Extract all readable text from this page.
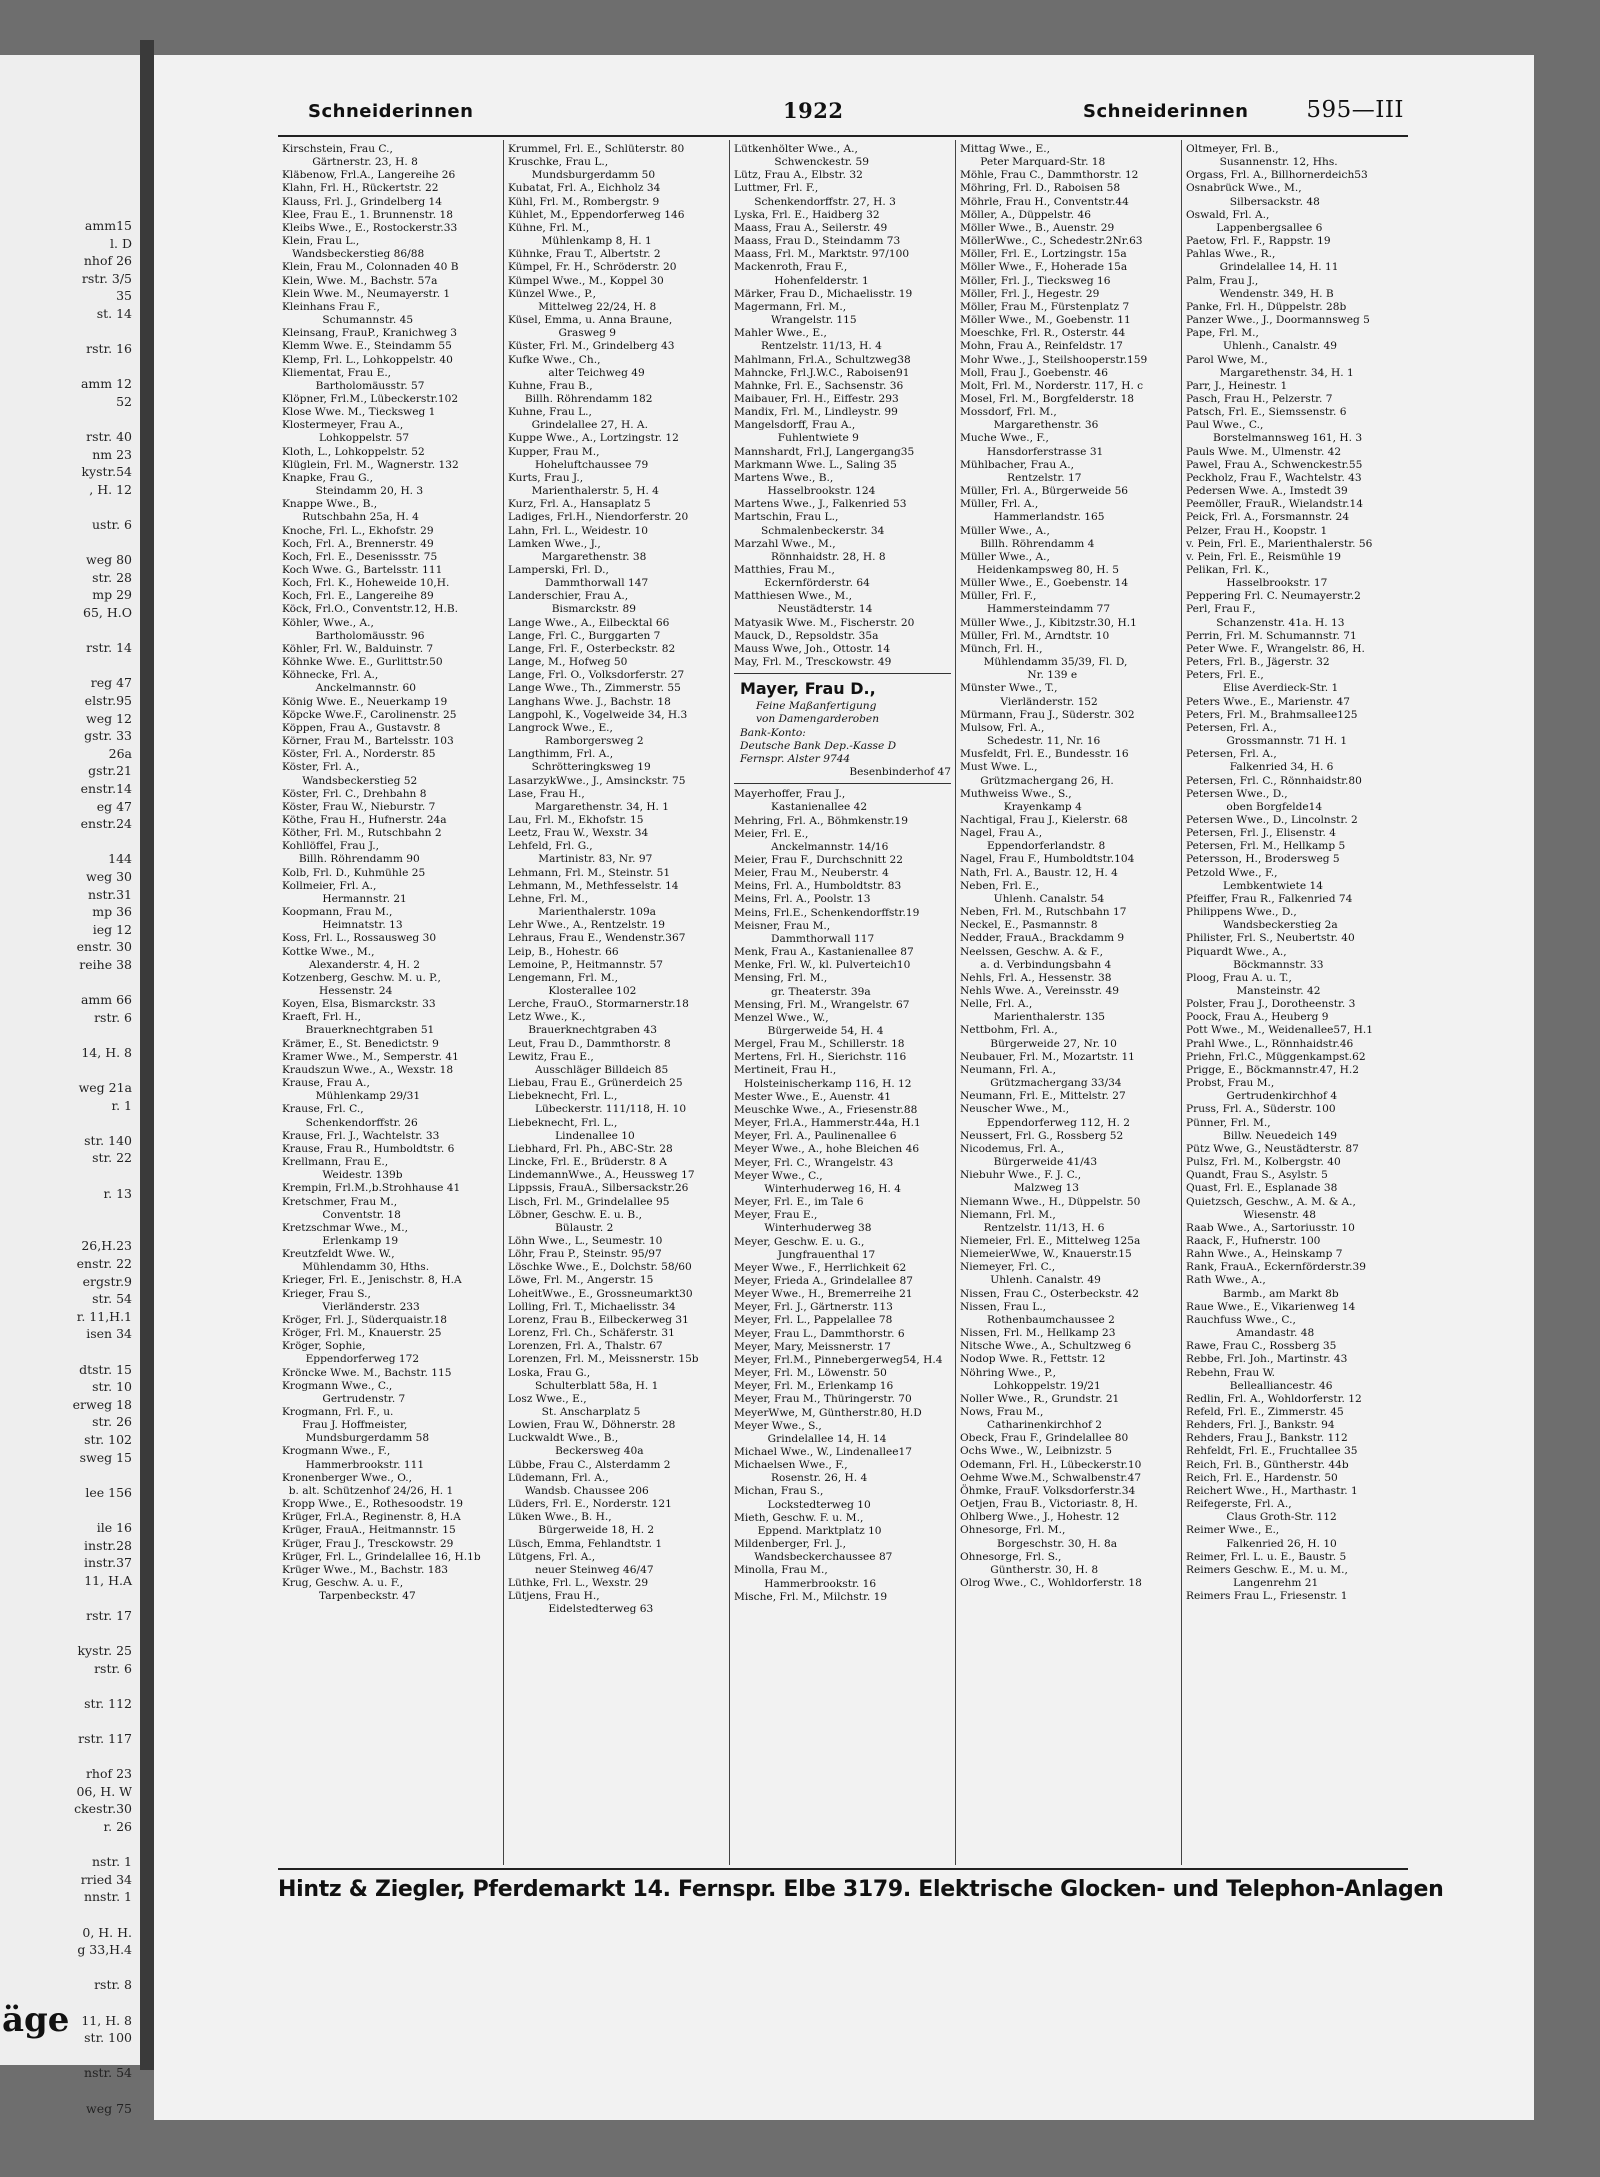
amm15
l. D
nhof 26
rstr. 3/5
35
st. 14

rstr. 16

amm 12
52

rstr. 40
nm 23
kystr.54
, H. 12

ustr. 6

weg 80
str. 28
mp 29
65, H.O

rstr. 14

reg 47
elstr.95
weg 12
gstr. 33
26a
gstr.21
enstr.14
eg 47
enstr.24

144
weg 30
nstr.31
mp 36
ieg 12
enstr. 30
reihe 38

amm 66
rstr. 6

14, H. 8

weg 21a
r. 1

str. 140
str. 22

r. 13

26,H.23
enstr. 22
ergstr.9
str. 54
r. 11,H.1
isen 34

dtstr. 15
str. 10
erweg 18
str. 26
str. 102
sweg 15

lee 156

ile 16
instr.28
instr.37
11, H.A

rstr. 17

kystr. 25
rstr. 6

str. 112

rstr. 117

rhof 23
06, H. W
ckestr.30
r. 26

nstr. 1
rried 34
nnstr. 1

0, H. H.
g 33,H.4

rstr. 8

11, H. 8
str. 100

nstr. 54

weg 75
äge
Schneiderinnen	1922	Schneiderinnen	595—III
Kirschstein, Frau C.,
Gärtnerstr. 23, H. 8
Kläbenow, Frl.A., Langereihe 26
Klahn, Frl. H., Rückertstr. 22
Klauss, Frl. J., Grindelberg 14
Klee, Frau E., 1. Brunnenstr. 18
Kleibs Wwe., E., Rostockerstr.33
Klein, Frau L.,
Wandsbeckerstieg 86/88
Klein, Frau M., Colonnaden 40 B
Klein, Wwe. M., Bachstr. 57a
Klein Wwe. M., Neumayerstr. 1
Kleinhans Frau F.,
Schumannstr. 45
Kleinsang, FrauP., Kranichweg 3
Klemm Wwe. E., Steindamm 55
Klemp, Frl. L., Lohkoppelstr. 40
Kliementat, Frau E.,
Bartholomäusstr. 57
Klöpner, Frl.M., Lübeckerstr.102
Klose Wwe. M., Tiecksweg 1
Klostermeyer, Frau A.,
Lohkoppelstr. 57
Kloth, L., Lohkoppelstr. 52
Klüglein, Frl. M., Wagnerstr. 132
Knapke, Frau G.,
Steindamm 20, H. 3
Knappe Wwe., B.,
Rutschbahn 25a, H. 4
Knoche, Frl. L., Ekhofstr. 29
Koch, Frl. A., Brennerstr. 49
Koch, Frl. E., Desenissstr. 75
Koch Wwe. G., Bartelsstr. 111
Koch, Frl. K., Hoheweide 10,H.
Koch, Frl. E., Langereihe 89
Köck, Frl.O., Conventstr.12, H.B.
Köhler, Wwe., A.,
Bartholomäusstr. 96
Köhler, Frl. W., Balduinstr. 7
Köhnke Wwe. E., Gurlittstr.50
Köhnecke, Frl. A.,
Anckelmannstr. 60
König Wwe. E., Neuerkamp 19
Köpcke Wwe.F., Carolinenstr. 25
Köppen, Frau A., Gustavstr. 8
Körner, Frau M., Bartelsstr. 103
Köster, Frl. A., Norderstr. 85
Köster, Frl. A.,
Wandsbeckerstieg 52
Köster, Frl. C., Drehbahn 8
Köster, Frau W., Nieburstr. 7
Köthe, Frau H., Hufnerstr. 24a
Köther, Frl. M., Rutschbahn 2
Kohllöffel, Frau J.,
Billh. Röhrendamm 90
Kolb, Frl. D., Kuhmühle 25
Kollmeier, Frl. A.,
Hermannstr. 21
Koopmann, Frau M.,
Heimnatstr. 13
Koss, Frl. L., Rossausweg 30
Kottke Wwe., M.,
Alexanderstr. 4, H. 2
Kotzenberg, Geschw. M. u. P.,
Hessenstr. 24
Koyen, Elsa, Bismarckstr. 33
Kraeft, Frl. H.,
Brauerknechtgraben 51
Krämer, E., St. Benedictstr. 9
Kramer Wwe., M., Semperstr. 41
Kraudszun Wwe., A., Wexstr. 18
Krause, Frau A.,
Mühlenkamp 29/31
Krause, Frl. C.,
Schenkendorffstr. 26
Krause, Frl. J., Wachtelstr. 33
Krause, Frau R., Humboldtstr. 6
Krellmann, Frau E.,
Weidestr. 139b
Krempin, Frl.M.,b.Strohhause 41
Kretschmer, Frau M.,
Conventstr. 18
Kretzschmar Wwe., M.,
Erlenkamp 19
Kreutzfeldt Wwe. W.,
Mühlendamm 30, Hths.
Krieger, Frl. E., Jenischstr. 8, H.A
Krieger, Frau S.,
Vierländerstr. 233
Kröger, Frl. J., Süderquaistr.18
Kröger, Frl. M., Knauerstr. 25
Kröger, Sophie,
Eppendorferweg 172
Kröncke Wwe. M., Bachstr. 115
Krogmann Wwe., C.,
Gertrudenstr. 7
Krogmann, Frl. F., u.
Frau J. Hoffmeister,
Mundsburgerdamm 58
Krogmann Wwe., F.,
Hammerbrookstr. 111
Kronenberger Wwe., O.,
b. alt. Schützenhof 24/26, H. 1
Kropp Wwe., E., Rothesoodstr. 19
Krüger, Frl.A., Reginenstr. 8, H.A
Krüger, FrauA., Heitmannstr. 15
Krüger, Frau J., Tresckowstr. 29
Krüger, Frl. L., Grindelallee 16, H.1b
Krüger Wwe., M., Bachstr. 183
Krug, Geschw. A. u. F.,
Tarpenbeckstr. 47
Krummel, Frl. E., Schlüterstr. 80
Kruschke, Frau L.,
Mundsburgerdamm 50
Kubatat, Frl. A., Eichholz 34
Kühl, Frl. M., Rombergstr. 9
Kühlet, M., Eppendorferweg 146
Kühne, Frl. M.,
Mühlenkamp 8, H. 1
Kühnke, Frau T., Albertstr. 2
Kümpel, Fr. H., Schröderstr. 20
Kümpel Wwe., M., Koppel 30
Künzel Wwe., P.,
Mittelweg 22/24, H. 8
Küsel, Emma, u. Anna Braune,
Grasweg 9
Küster, Frl. M., Grindelberg 43
Kufke Wwe., Ch.,
alter Teichweg 49
Kuhne, Frau B.,
Billh. Röhrendamm 182
Kuhne, Frau L.,
Grindelallee 27, H. A.
Kuppe Wwe., A., Lortzingstr. 12
Kupper, Frau M.,
Hoheluftchaussee 79
Kurts, Frau J.,
Marienthalerstr. 5, H. 4
Kurz, Frl. A., Hansaplatz 5
Ladiges, Frl.H., Niendorferstr. 20
Lahn, Frl. L., Weidestr. 10
Lamken Wwe., J.,
Margarethenstr. 38
Lamperski, Frl. D.,
Dammthorwall 147
Landerschier, Frau A.,
Bismarckstr. 89
Lange Wwe., A., Eilbecktal 66
Lange, Frl. C., Burggarten 7
Lange, Frl. F., Osterbeckstr. 82
Lange, M., Hofweg 50
Lange, Frl. O., Volksdorferstr. 27
Lange Wwe., Th., Zimmerstr. 55
Langhans Wwe. J., Bachstr. 18
Langpohl, K., Vogelweide 34, H.3
Langrock Wwe., E.,
Ramborgersweg 2
Langthimm, Frl. A.,
Schrötteringksweg 19
LasarzykWwe., J., Amsinckstr. 75
Lase, Frau H.,
Margarethenstr. 34, H. 1
Lau, Frl. M., Ekhofstr. 15
Leetz, Frau W., Wexstr. 34
Lehfeld, Frl. G.,
Martinistr. 83, Nr. 97
Lehmann, Frl. M., Steinstr. 51
Lehmann, M., Methfesselstr. 14
Lehne, Frl. M.,
Marienthalerstr. 109a
Lehr Wwe., A., Rentzelstr. 19
Lehraus, Frau E., Wendenstr.367
Leip, B., Hohestr. 66
Lemoine, P., Heitmannstr. 57
Lengemann, Frl. M.,
Klosterallee 102
Lerche, FrauO., Stormarnerstr.18
Letz Wwe., K.,
Brauerknechtgraben 43
Leut, Frau D., Dammthorstr. 8
Lewitz, Frau E.,
Ausschläger Billdeich 85
Liebau, Frau E., Grünerdeich 25
Liebeknecht, Frl. L.,
Lübeckerstr. 111/118, H. 10
Liebeknecht, Frl. L.,
Lindenallee 10
Liebhard, Frl. Ph., ABC-Str. 28
Lincke, Frl. E., Brüderstr. 8 A
LindemannWwe., A., Heussweg 17
Lippssis, FrauA., Silbersackstr.26
Lisch, Frl. M., Grindelallee 95
Löbner, Geschw. E. u. B.,
Bülaustr. 2
Löhn Wwe., L., Seumestr. 10
Löhr, Frau P., Steinstr. 95/97
Löschke Wwe., E., Dolchstr. 58/60
Löwe, Frl. M., Angerstr. 15
LoheitWwe., E., Grossneumarkt30
Lolling, Frl. T., Michaelisstr. 34
Lorenz, Frau B., Eilbeckerweg 31
Lorenz, Frl. Ch., Schäferstr. 31
Lorenzen, Frl. A., Thalstr. 67
Lorenzen, Frl. M., Meissnerstr. 15b
Loska, Frau G.,
Schulterblatt 58a, H. 1
Losz Wwe., E.,
St. Anscharplatz 5
Lowien, Frau W., Döhnerstr. 28
Luckwaldt Wwe., B.,
Beckersweg 40a
Lübbe, Frau C., Alsterdamm 2
Lüdemann, Frl. A.,
Wandsb. Chaussee 206
Lüders, Frl. E., Norderstr. 121
Lüken Wwe., B. H.,
Bürgerweide 18, H. 2
Lüsch, Emma, Fehlandtstr. 1
Lütgens, Frl. A.,
neuer Steinweg 46/47
Lüthke, Frl. L., Wexstr. 29
Lütjens, Frau H.,
Eidelstedterweg 63
Lütkenhölter Wwe., A.,
Schwenckestr. 59
Lütz, Frau A., Elbstr. 32
Luttmer, Frl. F.,
Schenkendorffstr. 27, H. 3
Lyska, Frl. E., Haidberg 32
Maass, Frau A., Seilerstr. 49
Maass, Frau D., Steindamm 73
Maass, Frl. M., Marktstr. 97/100
Mackenroth, Frau F.,
Hohenfelderstr. 1
Märker, Frau D., Michaelisstr. 19
Magermann, Frl. M.,
Wrangelstr. 115
Mahler Wwe., E.,
Rentzelstr. 11/13, H. 4
Mahlmann, Frl.A., Schultzweg38
Mahncke, Frl.J.W.C., Raboisen91
Mahnke, Frl. E., Sachsenstr. 36
Maibauer, Frl. H., Eiffestr. 293
Mandix, Frl. M., Lindleystr. 99
Mangelsdorff, Frau A.,
Fuhlentwiete 9
Mannshardt, Frl.J, Langergang35
Markmann Wwe. L., Saling 35
Martens Wwe., B.,
Hasselbrookstr. 124
Martens Wwe., J., Falkenried 53
Martschin, Frau L.,
Schmalenbeckerstr. 34
Marzahl Wwe., M.,
Rönnhaidstr. 28, H. 8
Matthies, Frau M.,
Eckernförderstr. 64
Matthiesen Wwe., M.,
Neustädterstr. 14
Matyasik Wwe. M., Fischerstr. 20
Mauck, D., Repsoldstr. 35a
Mauss Wwe, Joh., Ottostr. 14
May, Frl. M., Tresckowstr. 49
Mayer, Frau D.,
Feine Maßanfertigung
von Damengarderoben
Bank-Konto:
Deutsche Bank Dep.-Kasse D
Fernspr. Alster 9744
Besenbinderhof 47
Mayerhoffer, Frau J.,
Kastanienallee 42
Mehring, Frl. A., Böhmkenstr.19
Meier, Frl. E.,
Anckelmannstr. 14/16
Meier, Frau F., Durchschnitt 22
Meier, Frau M., Neuberstr. 4
Meins, Frl. A., Humboldtstr. 83
Meins, Frl. A., Poolstr. 13
Meins, Frl.E., Schenkendorffstr.19
Meisner, Frau M.,
Dammthorwall 117
Menk, Frau A., Kastanienallee 87
Menke, Frl. W., kl. Pulverteich10
Mensing, Frl. M.,
gr. Theaterstr. 39a
Mensing, Frl. M., Wrangelstr. 67
Menzel Wwe., W.,
Bürgerweide 54, H. 4
Mergel, Frau M., Schillerstr. 18
Mertens, Frl. H., Sierichstr. 116
Mertineit, Frau H.,
Holsteinischerkamp 116, H. 12
Mester Wwe., E., Auenstr. 41
Meuschke Wwe., A., Friesenstr.88
Meyer, Frl.A., Hammerstr.44a, H.1
Meyer, Frl. A., Paulinenallee 6
Meyer Wwe., A., hohe Bleichen 46
Meyer, Frl. C., Wrangelstr. 43
Meyer Wwe., C.,
Winterhuderweg 16, H. 4
Meyer, Frl. E., im Tale 6
Meyer, Frau E.,
Winterhuderweg 38
Meyer, Geschw. E. u. G.,
Jungfrauenthal 17
Meyer Wwe., F., Herrlichkeit 62
Meyer, Frieda A., Grindelallee 87
Meyer Wwe., H., Bremerreihe 21
Meyer, Frl. J., Gärtnerstr. 113
Meyer, Frl. L., Pappelallee 78
Meyer, Frau L., Dammthorstr. 6
Meyer, Mary, Meissnerstr. 17
Meyer, Frl.M., Pinnebergerweg54, H.4
Meyer, Frl. M., Löwenstr. 50
Meyer, Frl. M., Erlenkamp 16
Meyer, Frau M., Thüringerstr. 70
MeyerWwe, M, Güntherstr.80, H.D
Meyer Wwe., S.,
Grindelallee 14, H. 14
Michael Wwe., W., Lindenallee17
Michaelsen Wwe., F.,
Rosenstr. 26, H. 4
Michan, Frau S.,
Lockstedterweg 10
Mieth, Geschw. F. u. M.,
Eppend. Marktplatz 10
Mildenberger, Frl. J.,
Wandsbeckerchaussee 87
Minolla, Frau M.,
Hammerbrookstr. 16
Mische, Frl. M., Milchstr. 19
Mittag Wwe., E.,
Peter Marquard-Str. 18
Möhle, Frau C., Dammthorstr. 12
Möhring, Frl. D., Raboisen 58
Möhrle, Frau H., Conventstr.44
Möller, A., Düppelstr. 46
Möller Wwe., B., Auenstr. 29
MöllerWwe., C., Schedestr.2Nr.63
Möller, Frl. E., Lortzingstr. 15a
Möller Wwe., F., Hoherade 15a
Möller, Frl. J., Tiecksweg 16
Möller, Frl. J., Hegestr. 29
Möller, Frau M., Fürstenplatz 7
Möller Wwe., M., Goebenstr. 11
Moeschke, Frl. R., Osterstr. 44
Mohn, Frau A., Reinfeldstr. 17
Mohr Wwe., J., Steilshooperstr.159
Moll, Frau J., Goebenstr. 46
Molt, Frl. M., Norderstr. 117, H. c
Mosel, Frl. M., Borgfelderstr. 18
Mossdorf, Frl. M.,
Margarethenstr. 36
Muche Wwe., F.,
Hansdorferstrasse 31
Mühlbacher, Frau A.,
Rentzelstr. 17
Müller, Frl. A., Bürgerweide 56
Müller, Frl. A.,
Hammerlandstr. 165
Müller Wwe., A.,
Billh. Röhrendamm 4
Müller Wwe., A.,
Heidenkampsweg 80, H. 5
Müller Wwe., E., Goebenstr. 14
Müller, Frl. F.,
Hammersteindamm 77
Müller Wwe., J., Kibitzstr.30, H.1
Müller, Frl. M., Arndtstr. 10
Münch, Frl. H.,
Mühlendamm 35/39, Fl. D,
Nr. 139 e
Münster Wwe., T.,
Vierländerstr. 152
Mürmann, Frau J., Süderstr. 302
Mulsow, Frl. A.,
Schedestr. 11, Nr. 16
Musfeldt, Frl. E., Bundesstr. 16
Must Wwe. L.,
Grützmachergang 26, H.
Muthweiss Wwe., S.,
Krayenkamp 4
Nachtigal, Frau J., Kielerstr. 68
Nagel, Frau A.,
Eppendorferlandstr. 8
Nagel, Frau F., Humboldtstr.104
Nath, Frl. A., Baustr. 12, H. 4
Neben, Frl. E.,
Uhlenh. Canalstr. 54
Neben, Frl. M., Rutschbahn 17
Neckel, E., Pasmannstr. 8
Nedder, FrauA., Brackdamm 9
Neelssen, Geschw. A. & F.,
a. d. Verbindungsbahn 4
Nehls, Frl. A., Hessenstr. 38
Nehls Wwe. A., Vereinsstr. 49
Nelle, Frl. A.,
Marienthalerstr. 135
Nettbohm, Frl. A.,
Bürgerweide 27, Nr. 10
Neubauer, Frl. M., Mozartstr. 11
Neumann, Frl. A.,
Grützmachergang 33/34
Neumann, Frl. E., Mittelstr. 27
Neuscher Wwe., M.,
Eppendorferweg 112, H. 2
Neussert, Frl. G., Rossberg 52
Nicodemus, Frl. A.,
Bürgerweide 41/43
Niebuhr Wwe., F. J. C.,
Malzweg 13
Niemann Wwe., H., Düppelstr. 50
Niemann, Frl. M.,
Rentzelstr. 11/13, H. 6
Niemeier, Frl. E., Mittelweg 125a
NiemeierWwe, W., Knauerstr.15
Niemeyer, Frl. C.,
Uhlenh. Canalstr. 49
Nissen, Frau C., Osterbeckstr. 42
Nissen, Frau L.,
Rothenbaumchaussee 2
Nissen, Frl. M., Hellkamp 23
Nitsche Wwe., A., Schultzweg 6
Nodop Wwe. R., Fettstr. 12
Nöhring Wwe., P.,
Lohkoppelstr. 19/21
Noller Wwe., R., Grundstr. 21
Nows, Frau M.,
Catharinenkirchhof 2
Obeck, Frau F., Grindelallee 80
Ochs Wwe., W., Leibnizstr. 5
Odemann, Frl. H., Lübeckerstr.10
Oehme Wwe.M., Schwalbenstr.47
Öhmke, FrauF. Volksdorferstr.34
Oetjen, Frau B., Victoriastr. 8, H.
Ohlberg Wwe., J., Hohestr. 12
Ohnesorge, Frl. M.,
Borgeschstr. 30, H. 8a
Ohnesorge, Frl. S.,
Güntherstr. 30, H. 8
Olrog Wwe., C., Wohldorferstr. 18
Oltmeyer, Frl. B.,
Susannenstr. 12, Hhs.
Orgass, Frl. A., Billhornerdeich53
Osnabrück Wwe., M.,
Silbersackstr. 48
Oswald, Frl. A.,
Lappenbergsallee 6
Paetow, Frl. F., Rappstr. 19
Pahlas Wwe., R.,
Grindelallee 14, H. 11
Palm, Frau J.,
Wendenstr. 349, H. B
Panke, Frl. H., Düppelstr. 28b
Panzer Wwe., J., Doormannsweg 5
Pape, Frl. M.,
Uhlenh., Canalstr. 49
Parol Wwe, M.,
Margarethenstr. 34, H. 1
Parr, J., Heinestr. 1
Pasch, Frau H., Pelzerstr. 7
Patsch, Frl. E., Siemssenstr. 6
Paul Wwe., C.,
Borstelmannsweg 161, H. 3
Pauls Wwe. M., Ulmenstr. 42
Pawel, Frau A., Schwenckestr.55
Peckholz, Frau F., Wachtelstr. 43
Pedersen Wwe. A., Imstedt 39
Peemöller, FrauR., Wielandstr.14
Peick, Frl. A., Forsmannstr. 24
Pelzer, Frau H., Koopstr. 1
v. Pein, Frl. E., Marienthalerstr. 56
v. Pein, Frl. E., Reismühle 19
Pelikan, Frl. K.,
Hasselbrookstr. 17
Peppering Frl. C. Neumayerstr.2
Perl, Frau F.,
Schanzenstr. 41a. H. 13
Perrin, Frl. M. Schumannstr. 71
Peter Wwe. F., Wrangelstr. 86, H.
Peters, Frl. B., Jägerstr. 32
Peters, Frl. E.,
Elise Averdieck-Str. 1
Peters Wwe., E., Marienstr. 47
Peters, Frl. M., Brahmsallee125
Petersen, Frl. A.,
Grossmannstr. 71 H. 1
Petersen, Frl. A.,
Falkenried 34, H. 6
Petersen, Frl. C., Rönnhaidstr.80
Petersen Wwe., D.,
oben Borgfelde14
Petersen Wwe., D., Lincolnstr. 2
Petersen, Frl. J., Elisenstr. 4
Petersen, Frl. M., Hellkamp 5
Petersson, H., Brodersweg 5
Petzold Wwe., F.,
Lembkentwiete 14
Pfeiffer, Frau R., Falkenried 74
Philippens Wwe., D.,
Wandsbeckerstieg 2a
Philister, Frl. S., Neubertstr. 40
Piquardt Wwe., A.,
Böckmannstr. 33
Ploog, Frau A. u. T.,
Mansteinstr. 42
Polster, Frau J., Dorotheenstr. 3
Poock, Frau A., Heuberg 9
Pott Wwe., M., Weidenallee57, H.1
Prahl Wwe., L., Rönnhaidstr.46
Priehn, Frl.C., Müggenkampst.62
Prigge, E., Böckmannstr.47, H.2
Probst, Frau M.,
Gertrudenkirchhof 4
Pruss, Frl. A., Süderstr. 100
Pünner, Frl. M.,
Billw. Neuedeich 149
Pütz Wwe, G., Neustädterstr. 87
Pulsz, Frl. M., Kolbergstr. 40
Quandt, Frau S., Asylstr. 5
Quast, Frl. E., Esplanade 38
Quietzsch, Geschw., A. M. & A.,
Wiesenstr. 48
Raab Wwe., A., Sartoriusstr. 10
Raack, F., Hufnerstr. 100
Rahn Wwe., A., Heinskamp 7
Rank, FrauA., Eckernförderstr.39
Rath Wwe., A.,
Barmb., am Markt 8b
Raue Wwe., E., Vikarienweg 14
Rauchfuss Wwe., C.,
Amandastr. 48
Rawe, Frau C., Rossberg 35
Rebbe, Frl. Joh., Martinstr. 43
Rebehn, Frau W.
Bellealliancestr. 46
Redlin, Frl. A., Wohldorferstr. 12
Refeld, Frl. E., Zimmerstr. 45
Rehders, Frl. J., Bankstr. 94
Rehders, Frau J., Bankstr. 112
Rehfeldt, Frl. E., Fruchtallee 35
Reich, Frl. B., Güntherstr. 44b
Reich, Frl. E., Hardenstr. 50
Reichert Wwe., H., Marthastr. 1
Reifegerste, Frl. A.,
Claus Groth-Str. 112
Reimer Wwe., E.,
Falkenried 26, H. 10
Reimer, Frl. L. u. E., Baustr. 5
Reimers Geschw. E., M. u. M.,
Langenrehm 21
Reimers Frau L., Friesenstr. 1
Hintz & Ziegler, Pferdemarkt 14. Fernspr. Elbe 3179. Elektrische Glocken- und Telephon-Anlagen
